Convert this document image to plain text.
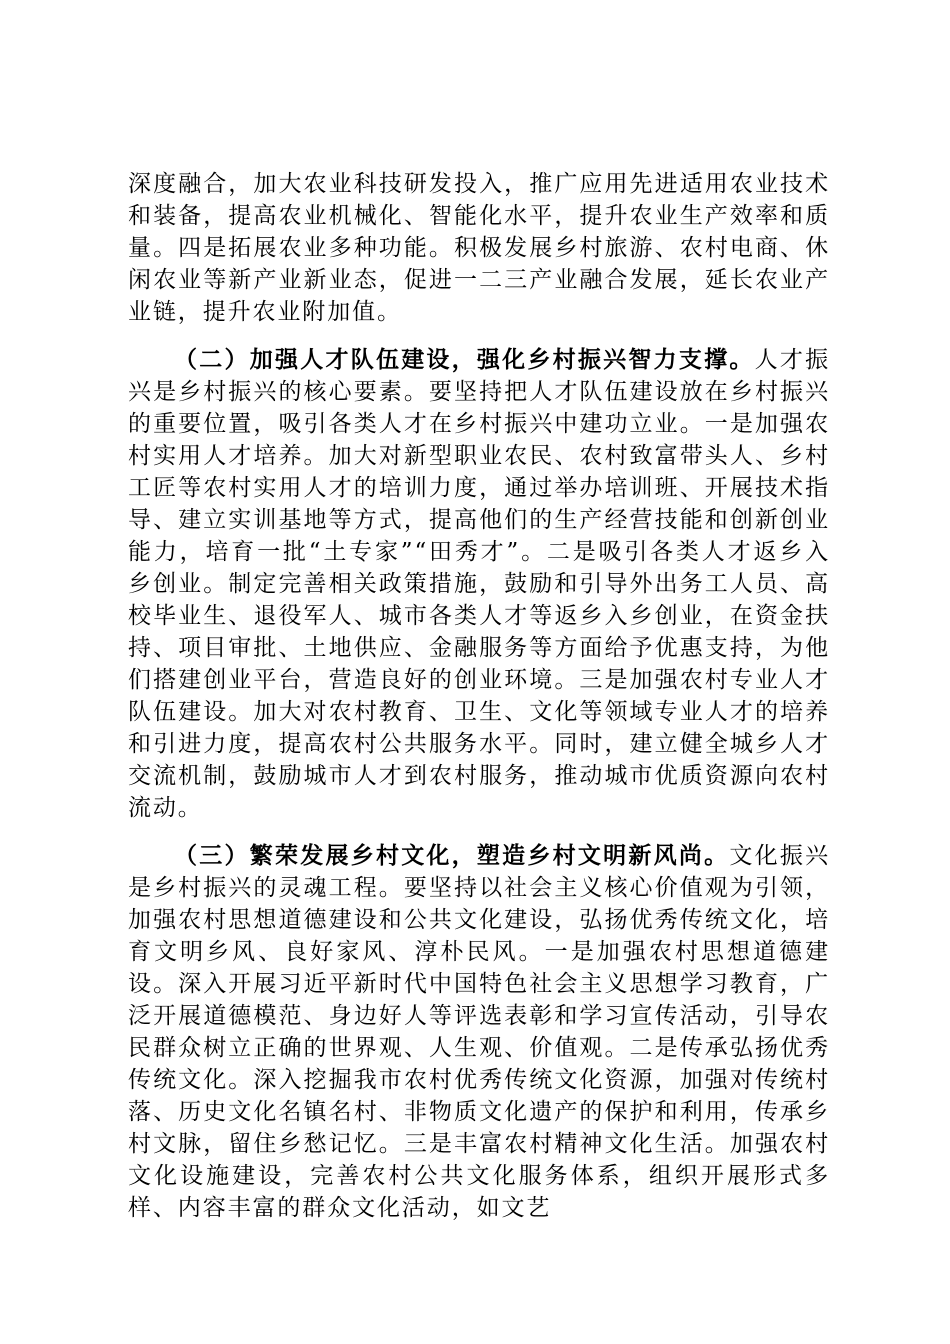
深度融合，加大农业科技研发投入，推广应用先进适用农业技术和装备，提高农业机械化、智能化水平，提升农业生产效率和质量。四是拓展农业多种功能。积极发展乡村旅游、农村电商、休闲农业等新产业新业态，促进一二三产业融合发展，延长农业产业链，提升农业附加值。

（二）加强人才队伍建设，强化乡村振兴智力支撑。人才振兴是乡村振兴的核心要素。要坚持把人才队伍建设放在乡村振兴的重要位置，吸引各类人才在乡村振兴中建功立业。一是加强农村实用人才培养。加大对新型职业农民、农村致富带头人、乡村工匠等农村实用人才的培训力度，通过举办培训班、开展技术指导、建立实训基地等方式，提高他们的生产经营技能和创新创业能力，培育一批“土专家”“田秀才”。二是吸引各类人才返乡入乡创业。制定完善相关政策措施，鼓励和引导外出务工人员、高校毕业生、退役军人、城市各类人才等返乡入乡创业，在资金扶持、项目审批、土地供应、金融服务等方面给予优惠支持，为他们搭建创业平台，营造良好的创业环境。三是加强农村专业人才队伍建设。加大对农村教育、卫生、文化等领域专业人才的培养和引进力度，提高农村公共服务水平。同时，建立健全城乡人才交流机制，鼓励城市人才到农村服务，推动城市优质资源向农村流动。

（三）繁荣发展乡村文化，塑造乡村文明新风尚。文化振兴是乡村振兴的灵魂工程。要坚持以社会主义核心价值观为引领，加强农村思想道德建设和公共文化建设，弘扬优秀传统文化，培育文明乡风、良好家风、淳朴民风。一是加强农村思想道德建设。深入开展习近平新时代中国特色社会主义思想学习教育，广泛开展道德模范、身边好人等评选表彰和学习宣传活动，引导农民群众树立正确的世界观、人生观、价值观。二是传承弘扬优秀传统文化。深入挖掘我市农村优秀传统文化资源，加强对传统村落、历史文化名镇名村、非物质文化遗产的保护和利用，传承乡村文脉，留住乡愁记忆。三是丰富农村精神文化生活。加强农村文化设施建设，完善农村公共文化服务体系，组织开展形式多样、内容丰富的群众文化活动，如文艺
